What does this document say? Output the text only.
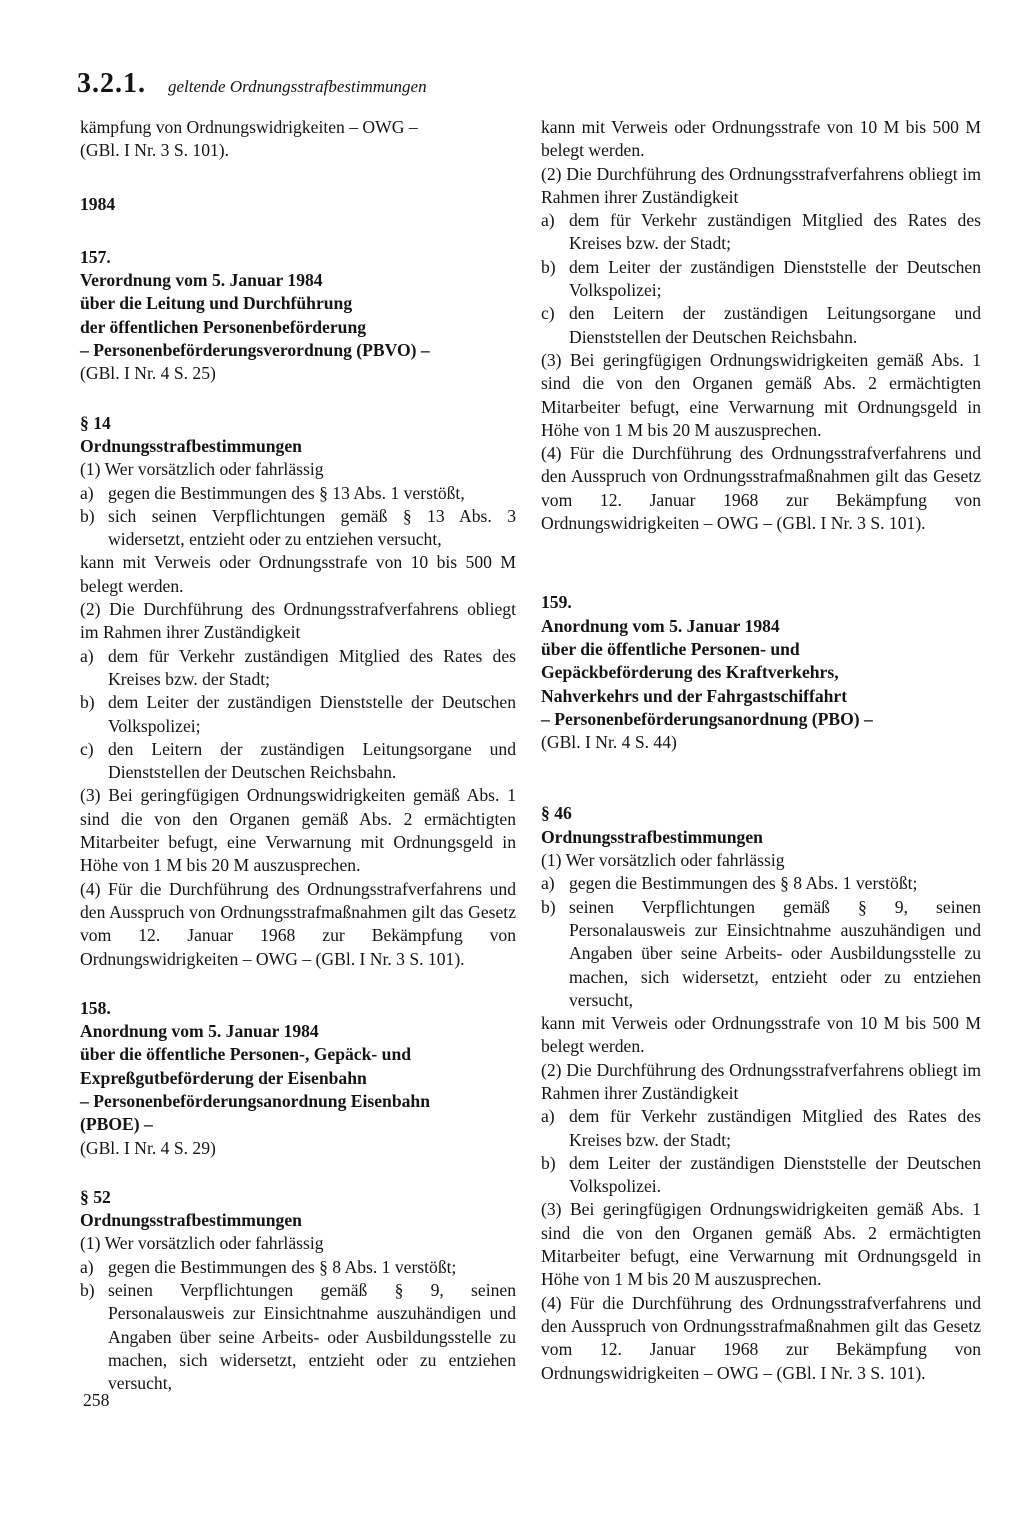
3.2.1. geltende Ordnungsstrafbestimmungen

kämpfung von Ordnungswidrigkeiten – OWG –

(GBl. I Nr. 3 S. 101).

1984

157.

Verordnung vom 5. Januar 1984

über die Leitung und Durchführung

der öffentlichen Personenbeförderung

– Personenbeförderungsverordnung (PBVO) –

(GBl. I Nr. 4 S. 25)

§ 14

Ordnungsstrafbestimmungen

(1) Wer vorsätzlich oder fahrlässig

a) gegen die Bestimmungen des § 13 Abs. 1 verstößt,
b) sich seinen Verpflichtungen gemäß § 13 Abs. 3 widersetzt, entzieht oder zu entziehen versucht,

kann mit Verweis oder Ordnungsstrafe von 10 bis 500 M belegt werden.

(2) Die Durchführung des Ordnungsstrafverfahrens obliegt im Rahmen ihrer Zuständigkeit

a) dem für Verkehr zuständigen Mitglied des Rates des Kreises bzw. der Stadt;
b) dem Leiter der zuständigen Dienststelle der Deutschen Volkspolizei;
c) den Leitern der zuständigen Leitungsorgane und Dienststellen der Deutschen Reichsbahn.

(3) Bei geringfügigen Ordnungswidrigkeiten gemäß Abs. 1 sind die von den Organen gemäß Abs. 2 ermächtigten Mitarbeiter befugt, eine Verwarnung mit Ordnungsgeld in Höhe von 1 M bis 20 M auszusprechen.

(4) Für die Durchführung des Ordnungsstrafverfahrens und den Ausspruch von Ordnungsstrafmaßnahmen gilt das Gesetz vom 12. Januar 1968 zur Bekämpfung von Ordnungswidrigkeiten – OWG – (GBl. I Nr. 3 S. 101).

158.

Anordnung vom 5. Januar 1984

über die öffentliche Personen-, Gepäck- und

Expreßgutbeförderung der Eisenbahn

– Personenbeförderungsanordnung Eisenbahn

(PBOE) –

(GBl. I Nr. 4 S. 29)

§ 52

Ordnungsstrafbestimmungen

(1) Wer vorsätzlich oder fahrlässig

a) gegen die Bestimmungen des § 8 Abs. 1 verstößt;
b) seinen Verpflichtungen gemäß § 9, seinen Personalausweis zur Einsichtnahme auszuhändigen und Angaben über seine Arbeits- oder Ausbildungsstelle zu machen, sich widersetzt, entzieht oder zu entziehen versucht,
258

kann mit Verweis oder Ordnungsstrafe von 10 M bis 500 M belegt werden.

(2) Die Durchführung des Ordnungsstrafverfahrens obliegt im Rahmen ihrer Zuständigkeit

a) dem für Verkehr zuständigen Mitglied des Rates des Kreises bzw. der Stadt;
b) dem Leiter der zuständigen Dienststelle der Deutschen Volkspolizei;
c) den Leitern der zuständigen Leitungsorgane und Dienststellen der Deutschen Reichsbahn.

(3) Bei geringfügigen Ordnungswidrigkeiten gemäß Abs. 1 sind die von den Organen gemäß Abs. 2 ermächtigten Mitarbeiter befugt, eine Verwarnung mit Ordnungsgeld in Höhe von 1 M bis 20 M auszusprechen.

(4) Für die Durchführung des Ordnungsstrafverfahrens und den Ausspruch von Ordnungsstrafmaßnahmen gilt das Gesetz vom 12. Januar 1968 zur Bekämpfung von Ordnungswidrigkeiten – OWG – (GBl. I Nr. 3 S. 101).

159.

Anordnung vom 5. Januar 1984

über die öffentliche Personen- und

Gepäckbeförderung des Kraftverkehrs,

Nahverkehrs und der Fahrgastschiffahrt

– Personenbeförderungsanordnung (PBO) –

(GBl. I Nr. 4 S. 44)

§ 46

Ordnungsstrafbestimmungen

(1) Wer vorsätzlich oder fahrlässig

a) gegen die Bestimmungen des § 8 Abs. 1 verstößt;
b) seinen Verpflichtungen gemäß § 9, seinen Personalausweis zur Einsichtnahme auszuhändigen und Angaben über seine Arbeits- oder Ausbildungsstelle zu machen, sich widersetzt, entzieht oder zu entziehen versucht,

kann mit Verweis oder Ordnungsstrafe von 10 M bis 500 M belegt werden.

(2) Die Durchführung des Ordnungsstrafverfahrens obliegt im Rahmen ihrer Zuständigkeit

a) dem für Verkehr zuständigen Mitglied des Rates des Kreises bzw. der Stadt;
b) dem Leiter der zuständigen Dienststelle der Deutschen Volkspolizei.

(3) Bei geringfügigen Ordnungswidrigkeiten gemäß Abs. 1 sind die von den Organen gemäß Abs. 2 ermächtigten Mitarbeiter befugt, eine Verwarnung mit Ordnungsgeld in Höhe von 1 M bis 20 M auszusprechen.

(4) Für die Durchführung des Ordnungsstrafverfahrens und den Ausspruch von Ordnungsstrafmaßnahmen gilt das Gesetz vom 12. Januar 1968 zur Bekämpfung von Ordnungswidrigkeiten – OWG – (GBl. I Nr. 3 S. 101).
